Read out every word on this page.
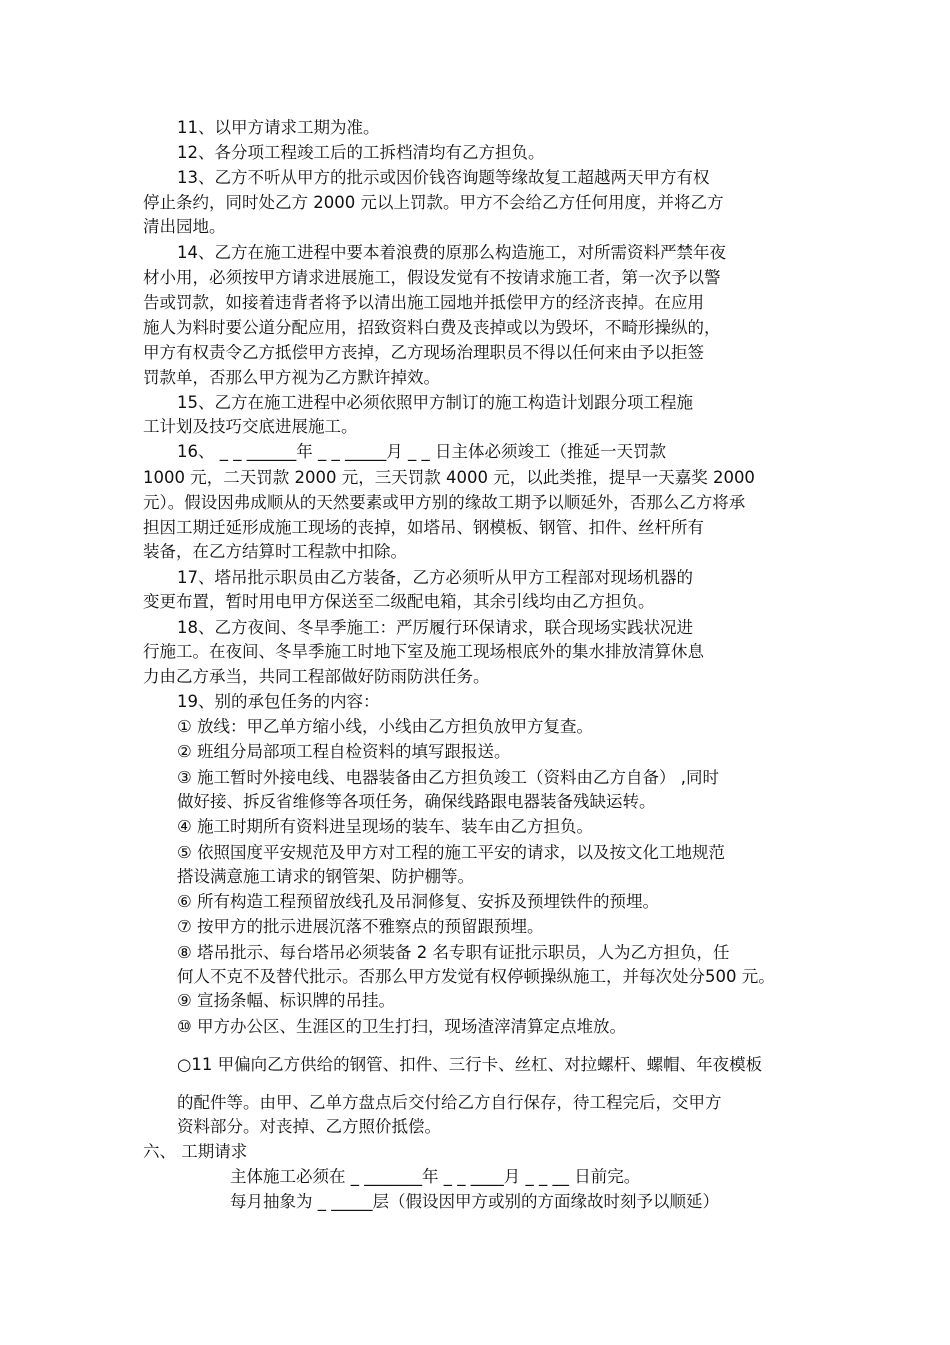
11、以甲方请求工期为准。
12、各分项工程竣工后的工拆档清均有乙方担负。
13、乙方不听从甲方的批示或因价钱咨询题等缘故复工超越两天甲方有权
停止条约，同时处乙方 2000 元以上罚款。甲方不会给乙方任何用度，并将乙方
清出园地。
14、乙方在施工进程中要本着浪费的原那么构造施工，对所需资料严禁年夜
材小用，必须按甲方请求进展施工，假设发觉有不按请求施工者，第一次予以警
告或罚款，如接着违背者将予以清出施工园地并抵偿甲方的经济丧掉。在应用
施人为料时要公道分配应用，招致资料白费及丧掉或以为毁坏，不畸形操纵的，
甲方有权责令乙方抵偿甲方丧掉，乙方现场治理职员不得以任何来由予以拒签
罚款单，否那么甲方视为乙方默许掉效。
15、乙方在施工进程中必须依照甲方制订的施工构造计划跟分项工程施
工计划及技巧交底进展施工。
16、 _ _ ______年 _ _ _____月 _ _ 日主体必须竣工（推延一天罚款
1000 元，二天罚款 2000 元，三天罚款 4000 元，以此类推，提早一天嘉奖 2000
元）。假设因弗成顺从的天然要素或甲方别的缘故工期予以顺延外，否那么乙方将承
担因工期迁延形成施工现场的丧掉，如塔吊、钢模板、钢管、扣件、丝杆所有
装备，在乙方结算时工程款中扣除。
17、塔吊批示职员由乙方装备，乙方必须听从甲方工程部对现场机器的
变更布置，暂时用电甲方保送至二级配电箱，其余引线均由乙方担负。
18、乙方夜间、冬旱季施工：严厉履行环保请求，联合现场实践状况进
行施工。在夜间、冬旱季施工时地下室及施工现场根底外的集水排放清算休息
力由乙方承当，共同工程部做好防雨防洪任务。
19、别的承包任务的内容：
① 放线：甲乙单方缩小线，小线由乙方担负放甲方复查。
② 班组分局部项工程自检资料的填写跟报送。
③ 施工暂时外接电线、电器装备由乙方担负竣工（资料由乙方自备） ,同时
做好接、拆反省维修等各项任务，确保线路跟电器装备残缺运转。
④ 施工时期所有资料进呈现场的装车、装车由乙方担负。
⑤ 依照国度平安规范及甲方对工程的施工平安的请求，以及按文化工地规范
搭设满意施工请求的钢管架、防护棚等。
⑥ 所有构造工程预留放线孔及吊洞修复、安拆及预埋铁件的预埋。
⑦ 按甲方的批示进展沉落不雅察点的预留跟预埋。
⑧ 塔吊批示、每台塔吊必须装备 2 名专职有证批示职员，人为乙方担负，任
何人不克不及替代批示。否那么甲方发觉有权停顿操纵施工，并每次处分500 元。
⑨ 宣扬条幅、标识牌的吊挂。
⑩ 甲方办公区、生涯区的卫生打扫，现场渣滓清算定点堆放。
○11 甲偏向乙方供给的钢管、扣件、三行卡、丝杠、对拉螺杆、螺帽、年夜模板
的配件等。由甲、乙单方盘点后交付给乙方自行保存，待工程完后，交甲方
资料部分。对丧掉、乙方照价抵偿。
六、 工期请求
主体施工必须在 _ _______年 _ _ ____月 _ _ __ 日前完。
每月抽象为 _ _____层（假设因甲方或别的方面缘故时刻予以顺延）
